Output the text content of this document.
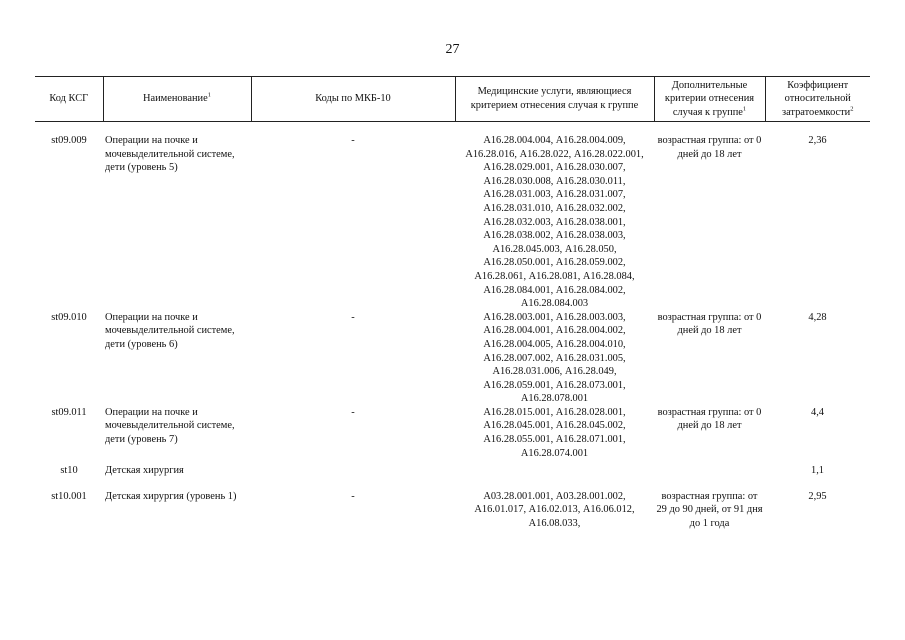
27
Код КСГ	Наименование$^1$	Коды по МКБ-10	Медицинские услуги, являющиеся критерием отнесения случая к группе	Дополнительные критерии отнесения случая к группе$^1$	Коэффициент относительной затратоемкости$^2$

st09.009	Операции на почке и мочевыделительной системе, дети (уровень 5)	-	А16.28.004.004, А16.28.004.009, А16.28.016, А16.28.022, А16.28.022.001, А16.28.029.001, А16.28.030.007, А16.28.030.008, А16.28.030.011, А16.28.031.003, А16.28.031.007, А16.28.031.010, А16.28.032.002, А16.28.032.003, А16.28.038.001, А16.28.038.002, А16.28.038.003, А16.28.045.003, А16.28.050, А16.28.050.001, А16.28.059.002, А16.28.061, А16.28.081, А16.28.084, А16.28.084.001, А16.28.084.002, А16.28.084.003	возрастная группа: от 0 дней до 18 лет	2,36
st09.010	Операции на почке и мочевыделительной системе, дети (уровень 6)	-	А16.28.003.001, А16.28.003.003, А16.28.004.001, А16.28.004.002, А16.28.004.005, А16.28.004.010, А16.28.007.002, А16.28.031.005, А16.28.031.006, А16.28.049, А16.28.059.001, А16.28.073.001, А16.28.078.001	возрастная группа: от 0 дней до 18 лет	4,28
st09.011	Операции на почке и мочевыделительной системе, дети (уровень 7)	-	А16.28.015.001, А16.28.028.001, А16.28.045.001, А16.28.045.002, А16.28.055.001, А16.28.071.001, А16.28.074.001	возрастная группа: от 0 дней до 18 лет	4,4
st10	Детская хирургия				1,1
st10.001	Детская хирургия (уровень 1)	-	А03.28.001.001, А03.28.001.002, А16.01.017, А16.02.013, А16.06.012, А16.08.033,	возрастная группа: от 29 до 90 дней, от 91 дня до 1 года	2,95
